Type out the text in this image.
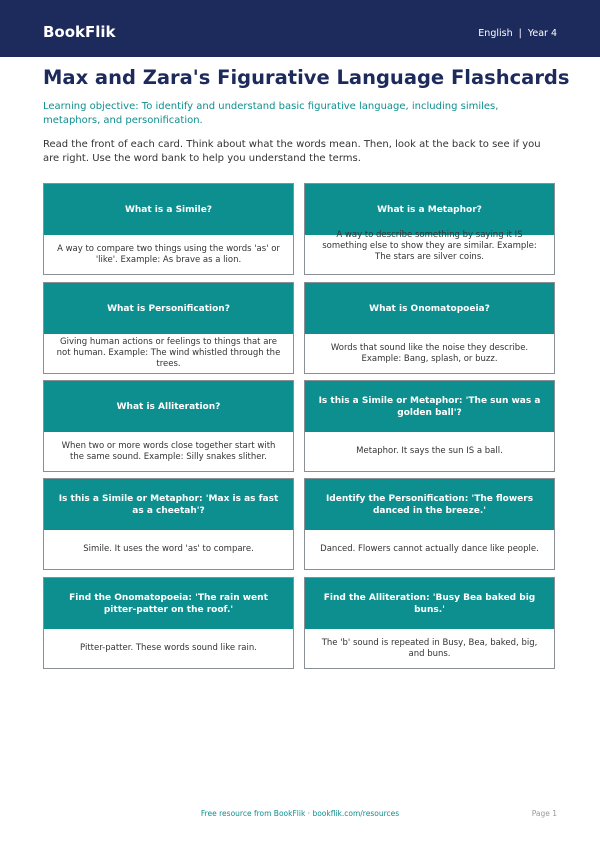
BookFlik	English | Year 4
Max and Zara's Figurative Language Flashcards
Learning objective: To identify and understand basic figurative language, including similes, metaphors, and personification.
Read the front of each card. Think about what the words mean. Then, look at the back to see if you are right. Use the word bank to help you understand the terms.
What is a Simile?
A way to compare two things using the words 'as' or 'like'. Example: As brave as a lion.
What is a Metaphor?
A way to describe something by saying it IS something else to show they are similar. Example: The stars are silver coins.
What is Personification?
Giving human actions or feelings to things that are not human. Example: The wind whistled through the trees.
What is Onomatopoeia?
Words that sound like the noise they describe. Example: Bang, splash, or buzz.
What is Alliteration?
When two or more words close together start with the same sound. Example: Silly snakes slither.
Is this a Simile or Metaphor: 'The sun was a golden ball'?
Metaphor. It says the sun IS a ball.
Is this a Simile or Metaphor: 'Max is as fast as a cheetah'?
Simile. It uses the word 'as' to compare.
Identify the Personification: 'The flowers danced in the breeze.'
Danced. Flowers cannot actually dance like people.
Find the Onomatopoeia: 'The rain went pitter-patter on the roof.'
Pitter-patter. These words sound like rain.
Find the Alliteration: 'Busy Bea baked big buns.'
The 'b' sound is repeated in Busy, Bea, baked, big, and buns.
Free resource from BookFlik · bookflik.com/resources	Page 1
